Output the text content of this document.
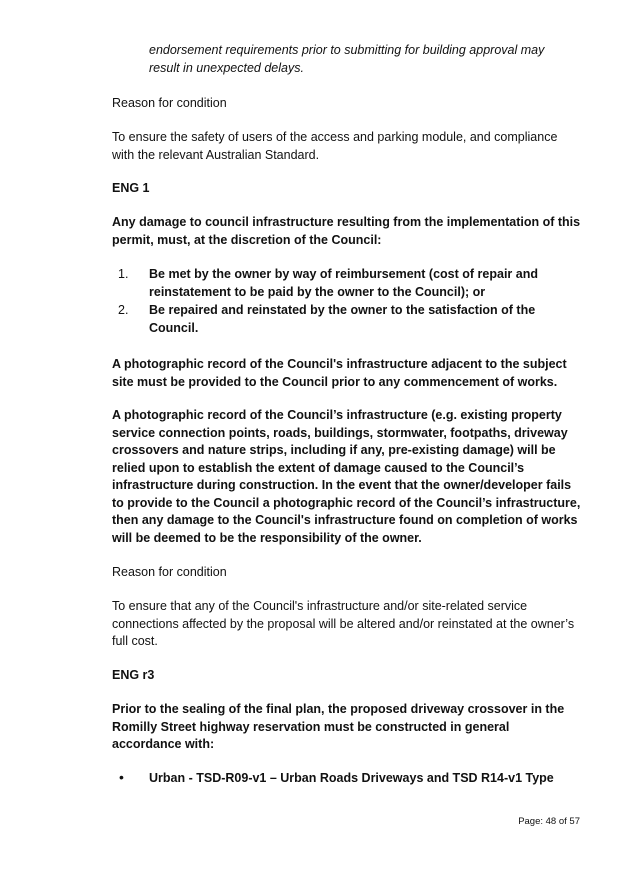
endorsement requirements prior to submitting for building approval may result in unexpected delays.

Reason for condition

To ensure the safety of users of the access and parking module, and compliance with the relevant Australian Standard.

ENG 1

Any damage to council infrastructure resulting from the implementation of this permit, must, at the discretion of the Council:

1. Be met by the owner by way of reimbursement (cost of repair and reinstatement to be paid by the owner to the Council); or
2. Be repaired and reinstated by the owner to the satisfaction of the Council.

A photographic record of the Council's infrastructure adjacent to the subject site must be provided to the Council prior to any commencement of works.

A photographic record of the Council’s infrastructure (e.g. existing property service connection points, roads, buildings, stormwater, footpaths, driveway crossovers and nature strips, including if any, pre-existing damage) will be relied upon to establish the extent of damage caused to the Council’s infrastructure during construction. In the event that the owner/developer fails to provide to the Council a photographic record of the Council’s infrastructure, then any damage to the Council's infrastructure found on completion of works will be deemed to be the responsibility of the owner.

Reason for condition

To ensure that any of the Council's infrastructure and/or site-related service connections affected by the proposal will be altered and/or reinstated at the owner’s full cost.

ENG r3

Prior to the sealing of the final plan, the proposed driveway crossover in the Romilly Street highway reservation must be constructed in general accordance with:

• Urban - TSD-R09-v1 – Urban Roads Driveways and TSD R14-v1 Type

Page: 48 of 57
